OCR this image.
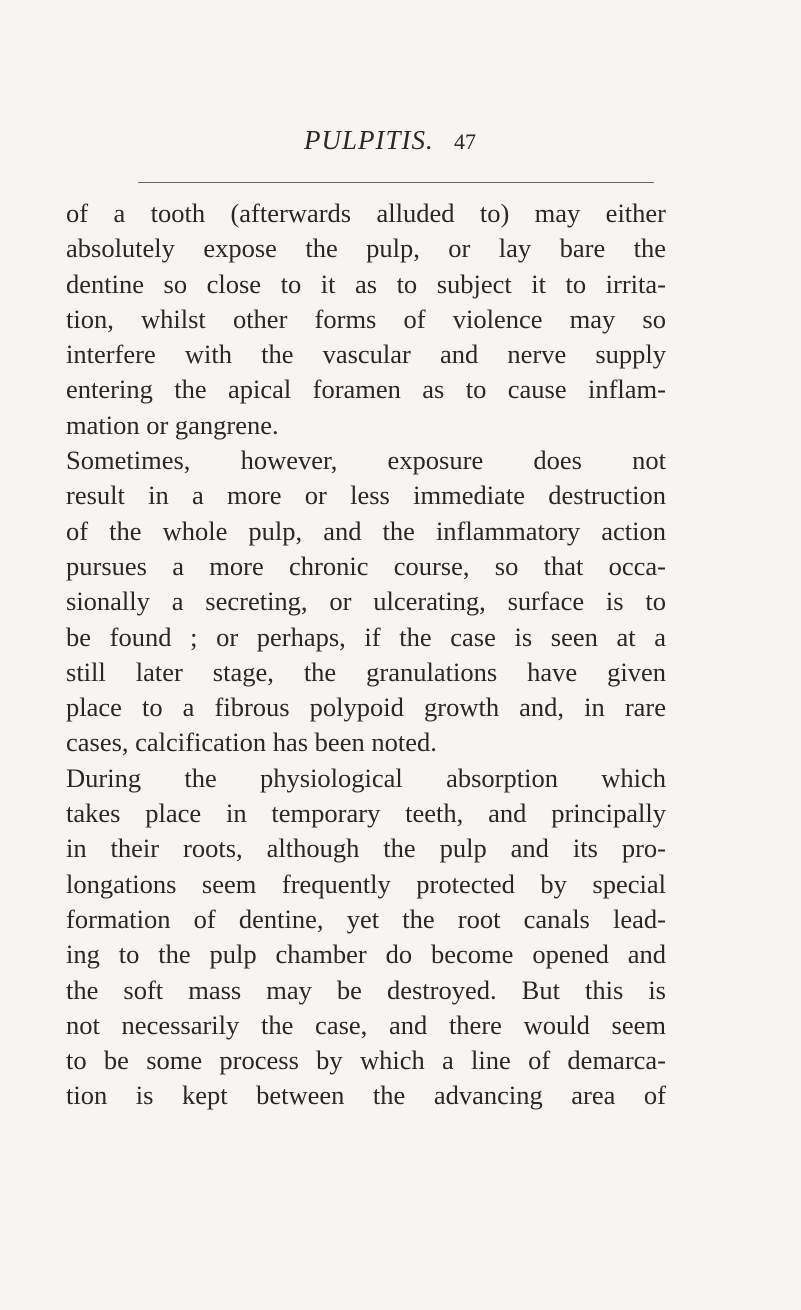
PULPITIS. 47
of a tooth (afterwards alluded to) may either
absolutely expose the pulp, or lay bare the
dentine so close to it as to subject it to irrita-
tion, whilst other forms of violence may so
interfere with the vascular and nerve supply
entering the apical foramen as to cause inflam-
mation or gangrene.
Sometimes, however, exposure does not
result in a more or less immediate destruction
of the whole pulp, and the inflammatory action
pursues a more chronic course, so that occa-
sionally a secreting, or ulcerating, surface is to
be found ; or perhaps, if the case is seen at a
still later stage, the granulations have given
place to a fibrous polypoid growth and, in rare
cases, calcification has been noted.
During the physiological absorption which
takes place in temporary teeth, and principally
in their roots, although the pulp and its pro-
longations seem frequently protected by special
formation of dentine, yet the root canals lead-
ing to the pulp chamber do become opened and
the soft mass may be destroyed. But this is
not necessarily the case, and there would seem
to be some process by which a line of demarca-
tion is kept between the advancing area of
